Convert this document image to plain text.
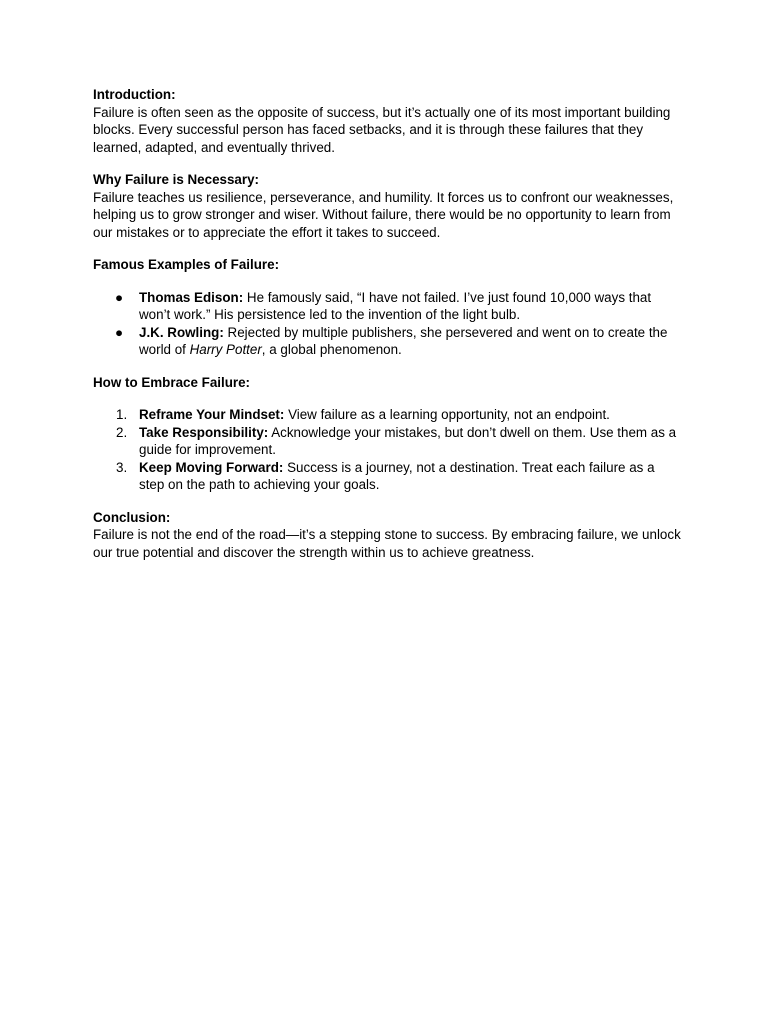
Introduction:

Failure is often seen as the opposite of success, but it’s actually one of its most important building blocks. Every successful person has faced setbacks, and it is through these failures that they learned, adapted, and eventually thrived.

Why Failure is Necessary:

Failure teaches us resilience, perseverance, and humility. It forces us to confront our weaknesses, helping us to grow stronger and wiser. Without failure, there would be no opportunity to learn from our mistakes or to appreciate the effort it takes to succeed.

Famous Examples of Failure:

● Thomas Edison: He famously said, “I have not failed. I’ve just found 10,000 ways that won’t work.” His persistence led to the invention of the light bulb.
● J.K. Rowling: Rejected by multiple publishers, she persevered and went on to create the world of Harry Potter, a global phenomenon.

How to Embrace Failure:

1. Reframe Your Mindset: View failure as a learning opportunity, not an endpoint.
2. Take Responsibility: Acknowledge your mistakes, but don’t dwell on them. Use them as a guide for improvement.
3. Keep Moving Forward: Success is a journey, not a destination. Treat each failure as a step on the path to achieving your goals.

Conclusion:

Failure is not the end of the road—it’s a stepping stone to success. By embracing failure, we unlock our true potential and discover the strength within us to achieve greatness.
